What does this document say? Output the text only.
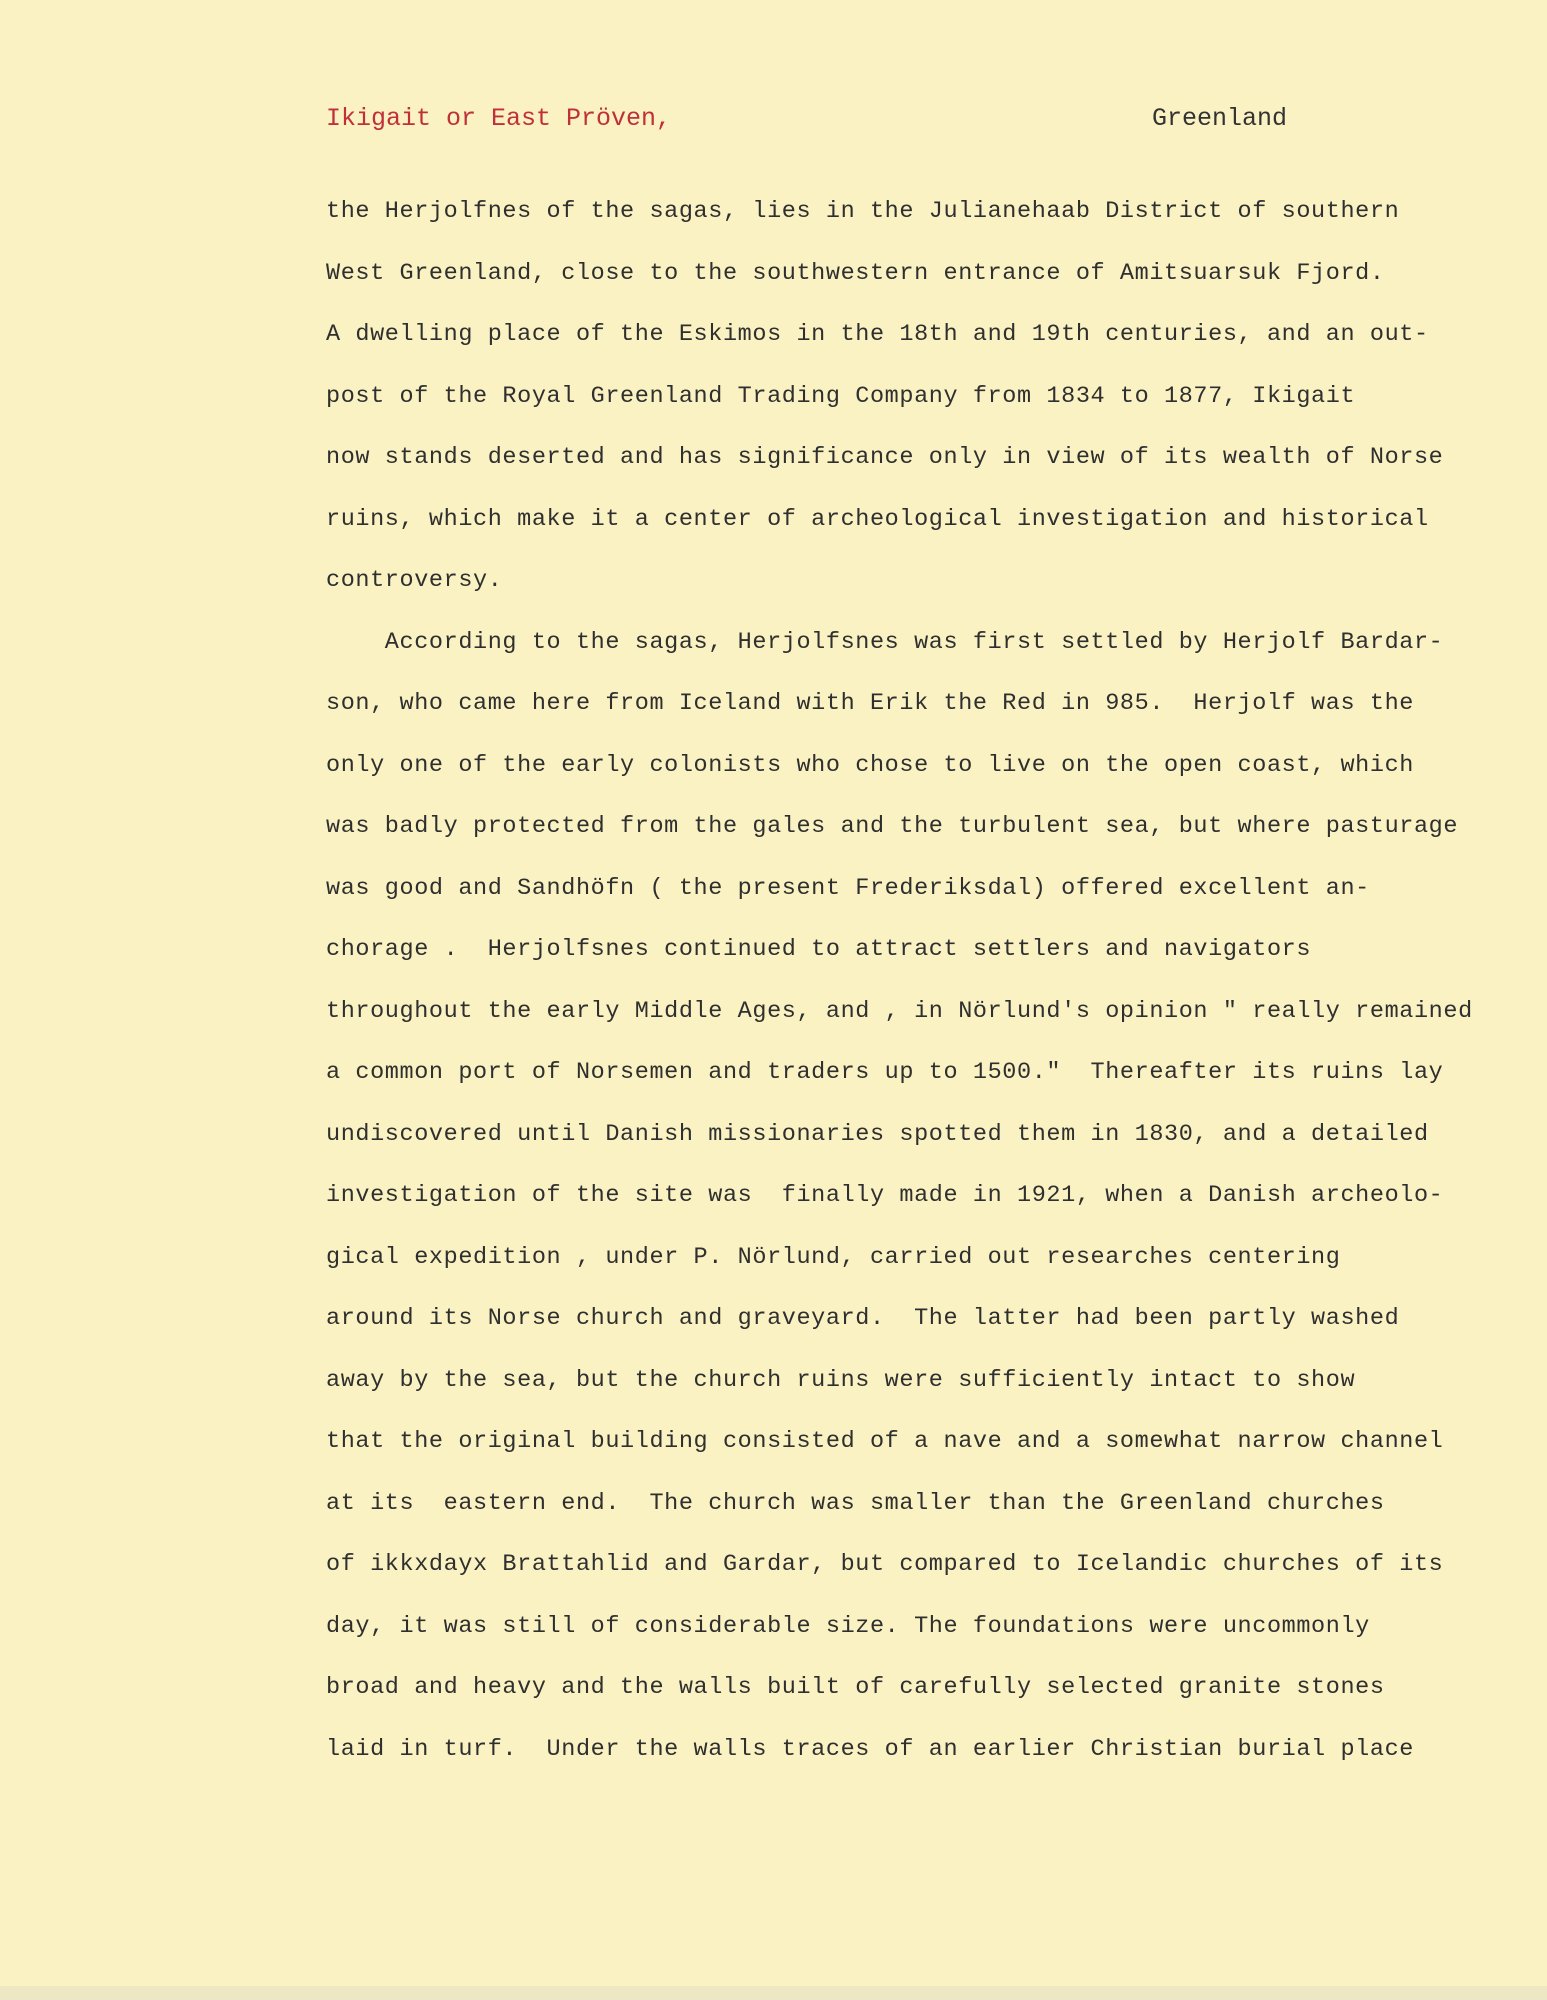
Ikigait or East Pröven,	Greenland
the Herjolfnes of the sagas, lies in the Julianehaab District of southern
West Greenland, close to the southwestern entrance of Amitsuarsuk Fjord.
A dwelling place of the Eskimos in the 18th and 19th centuries, and an out-
post of the Royal Greenland Trading Company from 1834 to 1877, Ikigait
now stands deserted and has significance only in view of its wealth of Norse
ruins, which make it a center of archeological investigation and historical
controversy.
According to the sagas, Herjolfsnes was first settled by Herjolf Bardar-
son, who came here from Iceland with Erik the Red in 985.  Herjolf was the
only one of the early colonists who chose to live on the open coast, which
was badly protected from the gales and the turbulent sea, but where pasturage
was good and Sandhöfn ( the present Frederiksdal) offered excellent an-
chorage .  Herjolfsnes continued to attract settlers and navigators
throughout the early Middle Ages, and , in Nörlund's opinion " really remained
a common port of Norsemen and traders up to 1500."  Thereafter its ruins lay
undiscovered until Danish missionaries spotted them in 1830, and a detailed
investigation of the site was  finally made in 1921, when a Danish archeolo-
gical expedition , under P. Nörlund, carried out researches centering
around its Norse church and graveyard.  The latter had been partly washed
away by the sea, but the church ruins were sufficiently intact to show
that the original building consisted of a nave and a somewhat narrow channel
at its  eastern end.  The church was smaller than the Greenland churches
of ikkxdayx Brattahlid and Gardar, but compared to Icelandic churches of its
day, it was still of considerable size. The foundations were uncommonly
broad and heavy and the walls built of carefully selected granite stones
laid in turf.  Under the walls traces of an earlier Christian burial place
